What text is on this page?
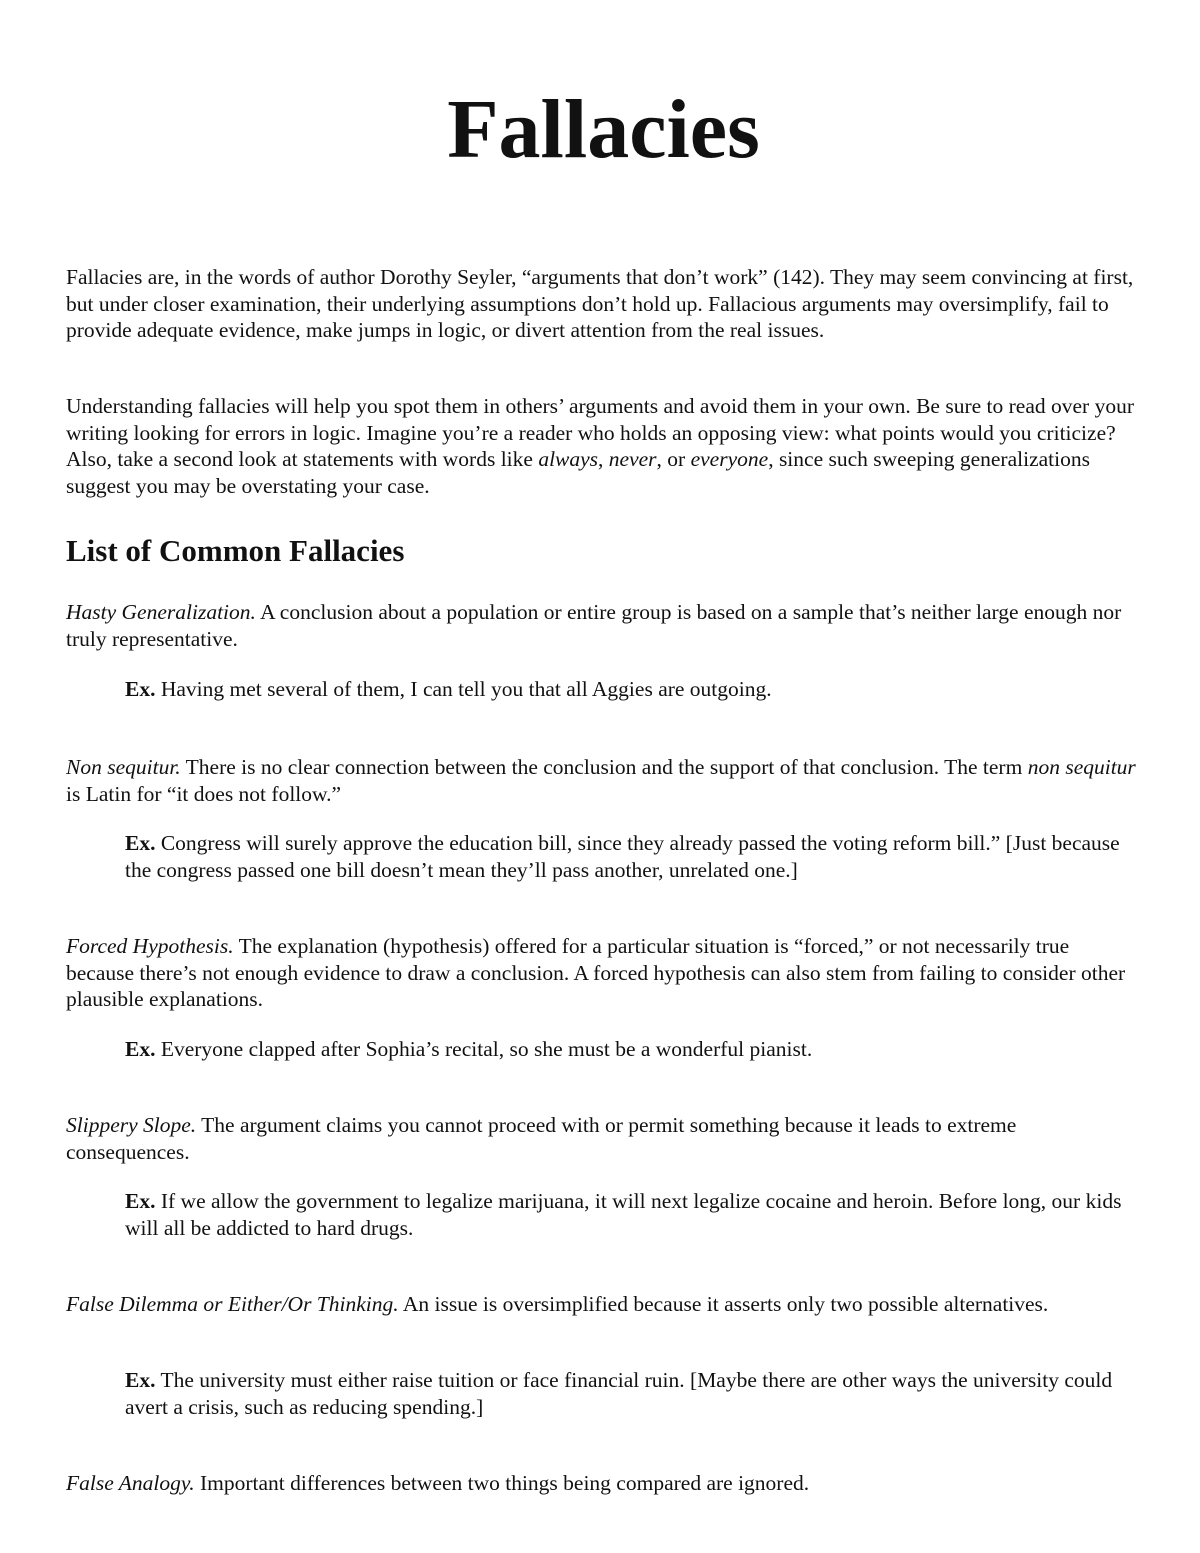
Fallacies

Fallacies are, in the words of author Dorothy Seyler, “arguments that don’t work” (142). They may seem convincing at first, but under closer examination, their underlying assumptions don’t hold up. Fallacious arguments may oversimplify, fail to provide adequate evidence, make jumps in logic, or divert attention from the real issues.

Understanding fallacies will help you spot them in others’ arguments and avoid them in your own. Be sure to read over your writing looking for errors in logic. Imagine you’re a reader who holds an opposing view: what points would you criticize? Also, take a second look at statements with words like always, never, or everyone, since such sweeping generalizations suggest you may be overstating your case.

List of Common Fallacies

Hasty Generalization. A conclusion about a population or entire group is based on a sample that’s neither large enough nor truly representative.

Ex. Having met several of them, I can tell you that all Aggies are outgoing.

Non sequitur. There is no clear connection between the conclusion and the support of that conclusion. The term non sequitur is Latin for “it does not follow.”

Ex. Congress will surely approve the education bill, since they already passed the voting reform bill.” [Just because the congress passed one bill doesn’t mean they’ll pass another, unrelated one.]

Forced Hypothesis. The explanation (hypothesis) offered for a particular situation is “forced,” or not necessarily true because there’s not enough evidence to draw a conclusion. A forced hypothesis can also stem from failing to consider other plausible explanations.

Ex. Everyone clapped after Sophia’s recital, so she must be a wonderful pianist.

Slippery Slope. The argument claims you cannot proceed with or permit something because it leads to extreme consequences.

Ex. If we allow the government to legalize marijuana, it will next legalize cocaine and heroin. Before long, our kids will all be addicted to hard drugs.

False Dilemma or Either/Or Thinking. An issue is oversimplified because it asserts only two possible alternatives.

Ex. The university must either raise tuition or face financial ruin. [Maybe there are other ways the university could avert a crisis, such as reducing spending.]

False Analogy. Important differences between two things being compared are ignored.
